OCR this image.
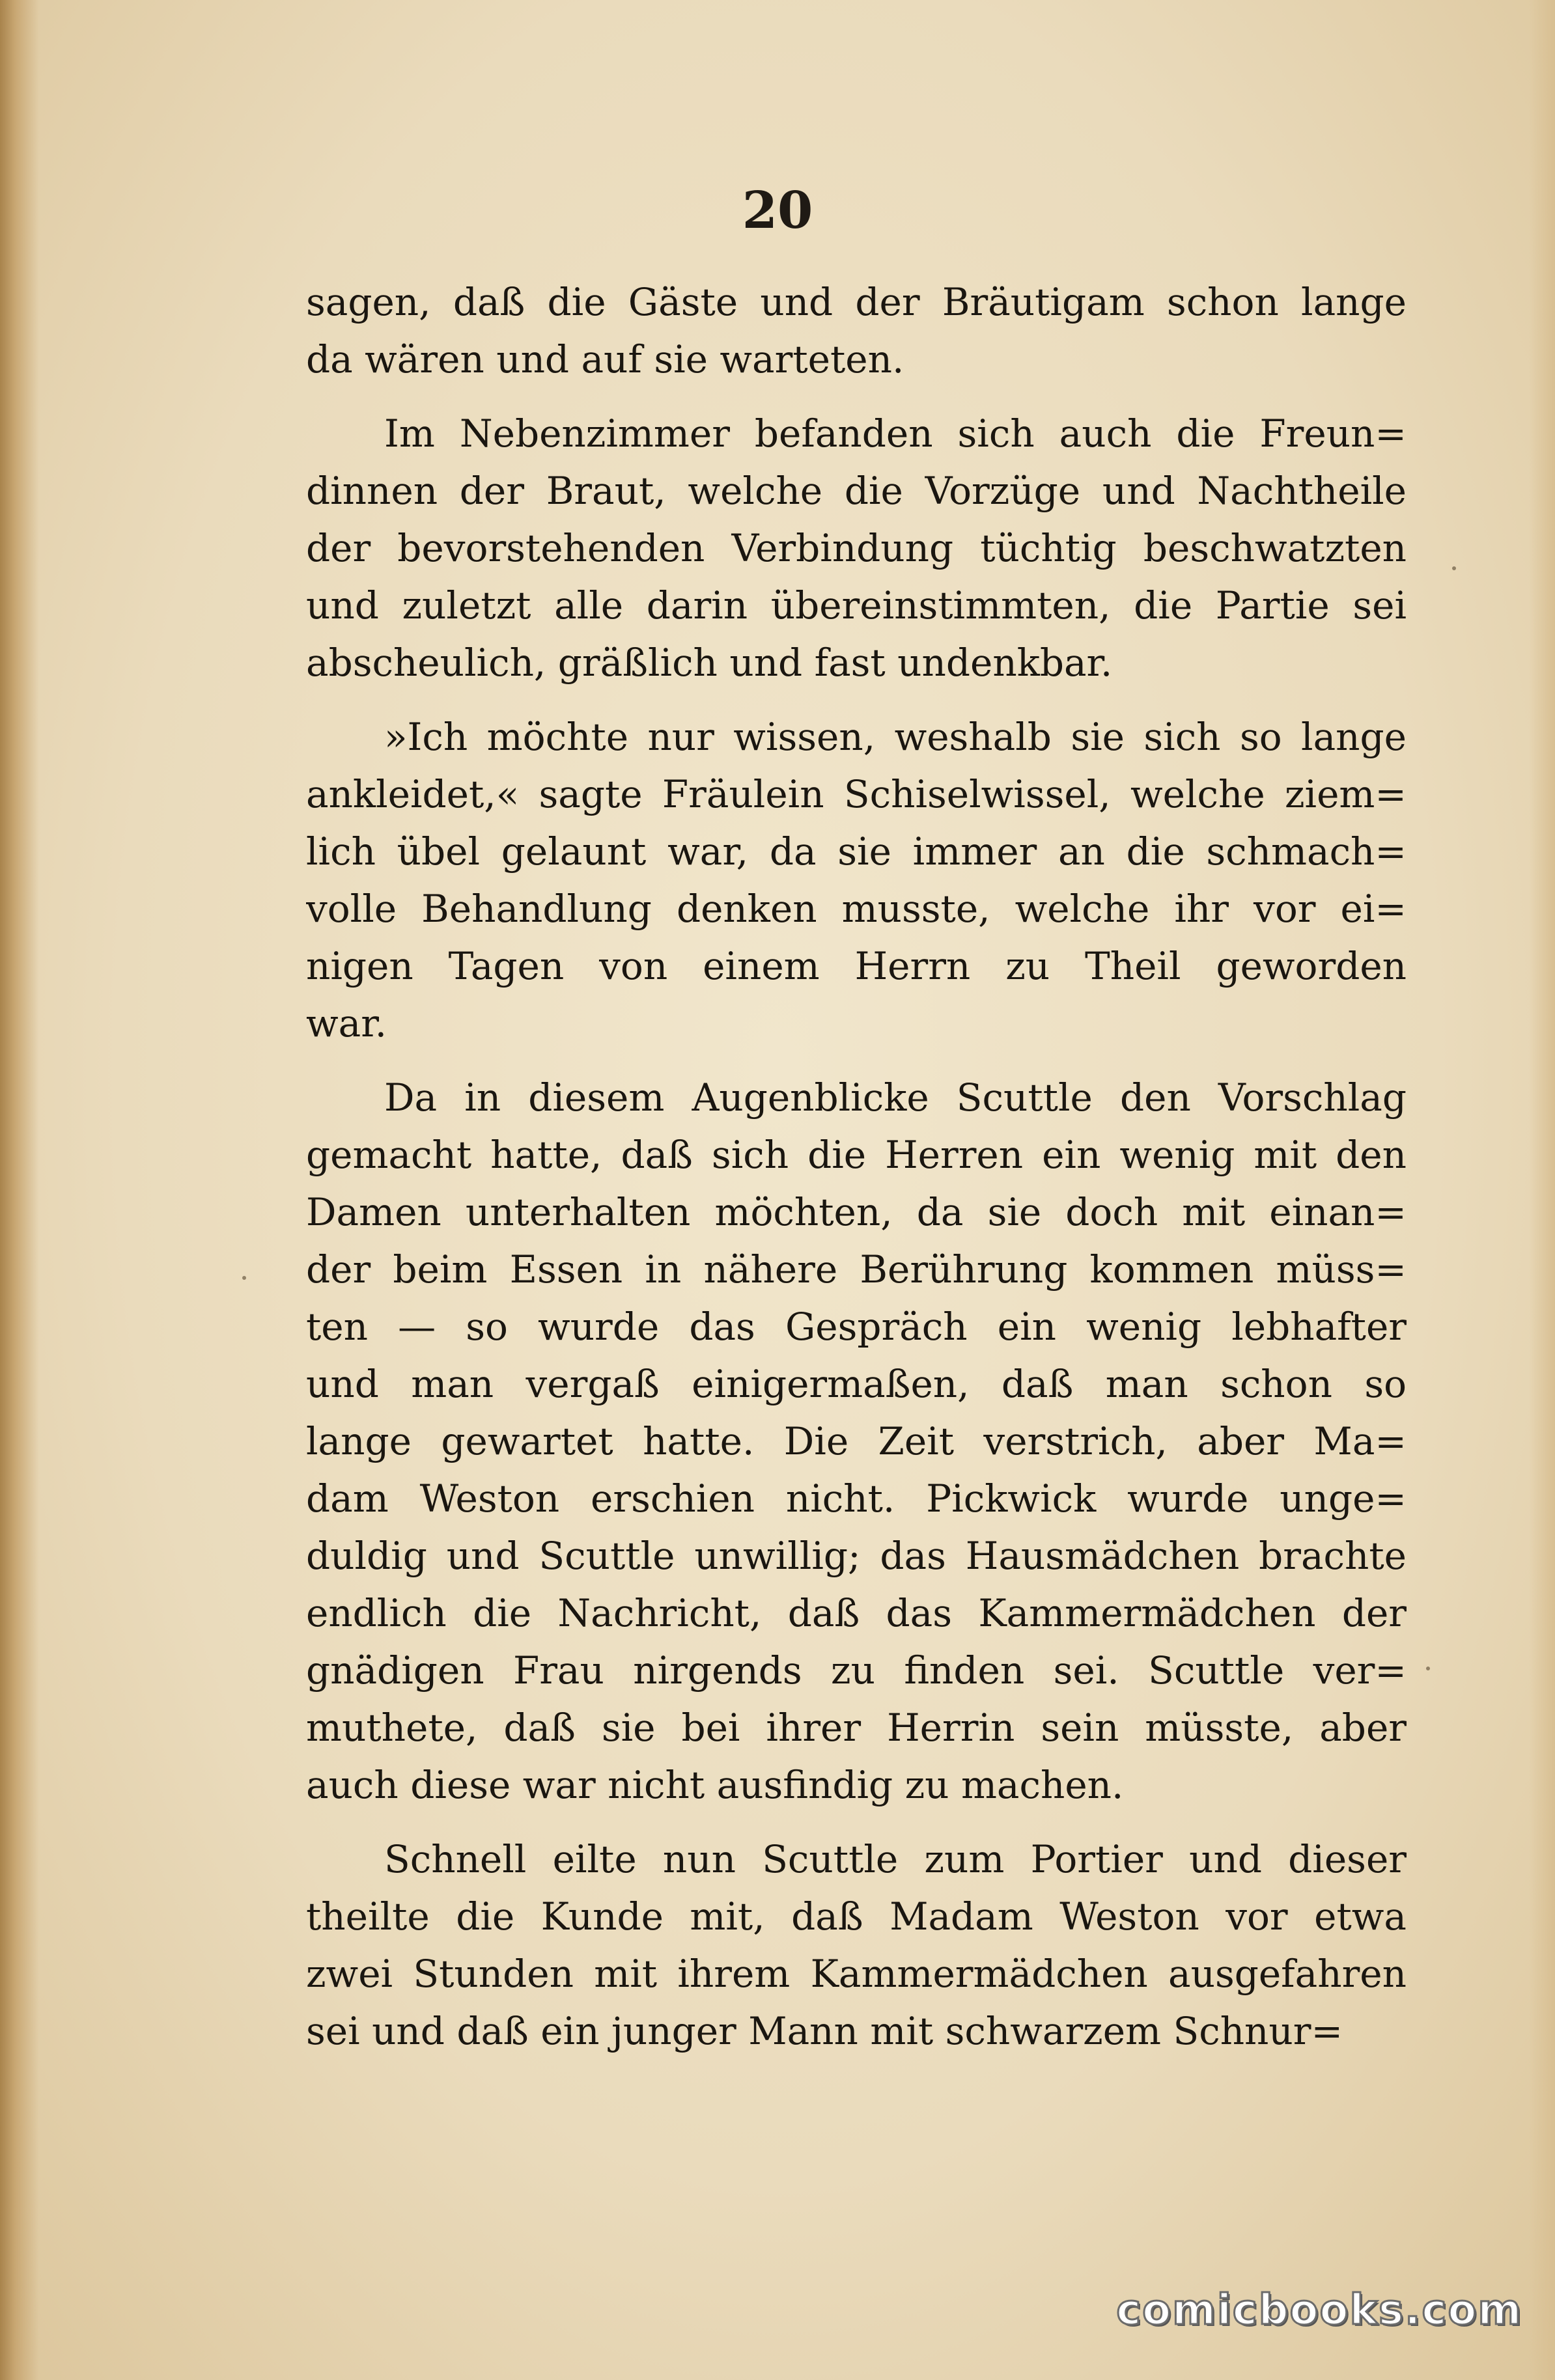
20

sagen, daß die Gäste und der Bräutigam schon lange
da wären und auf sie warteten.

Im Nebenzimmer befanden sich auch die Freun=
dinnen der Braut, welche die Vorzüge und Nachtheile
der bevorstehenden Verbindung tüchtig beschwatzten
und zuletzt alle darin übereinstimmten, die Partie sei
abscheulich, gräßlich und fast undenkbar.

»Ich möchte nur wissen, weshalb sie sich so lange
ankleidet,« sagte Fräulein Schiselwissel, welche ziem=
lich übel gelaunt war, da sie immer an die schmach=
volle Behandlung denken musste, welche ihr vor ei=
nigen Tagen von einem Herrn zu Theil geworden
war.

Da in diesem Augenblicke Scuttle den Vorschlag
gemacht hatte, daß sich die Herren ein wenig mit den
Damen unterhalten möchten, da sie doch mit einan=
der beim Essen in nähere Berührung kommen müss=
ten — so wurde das Gespräch ein wenig lebhafter
und man vergaß einigermaßen, daß man schon so
lange gewartet hatte. Die Zeit verstrich, aber Ma=
dam Weston erschien nicht. Pickwick wurde unge=
duldig und Scuttle unwillig; das Hausmädchen brachte
endlich die Nachricht, daß das Kammermädchen der
gnädigen Frau nirgends zu finden sei. Scuttle ver=
muthete, daß sie bei ihrer Herrin sein müsste, aber
auch diese war nicht ausfindig zu machen.

Schnell eilte nun Scuttle zum Portier und dieser
theilte die Kunde mit, daß Madam Weston vor etwa
zwei Stunden mit ihrem Kammermädchen ausgefahren
sei und daß ein junger Mann mit schwarzem Schnur=

comicbooks.com
